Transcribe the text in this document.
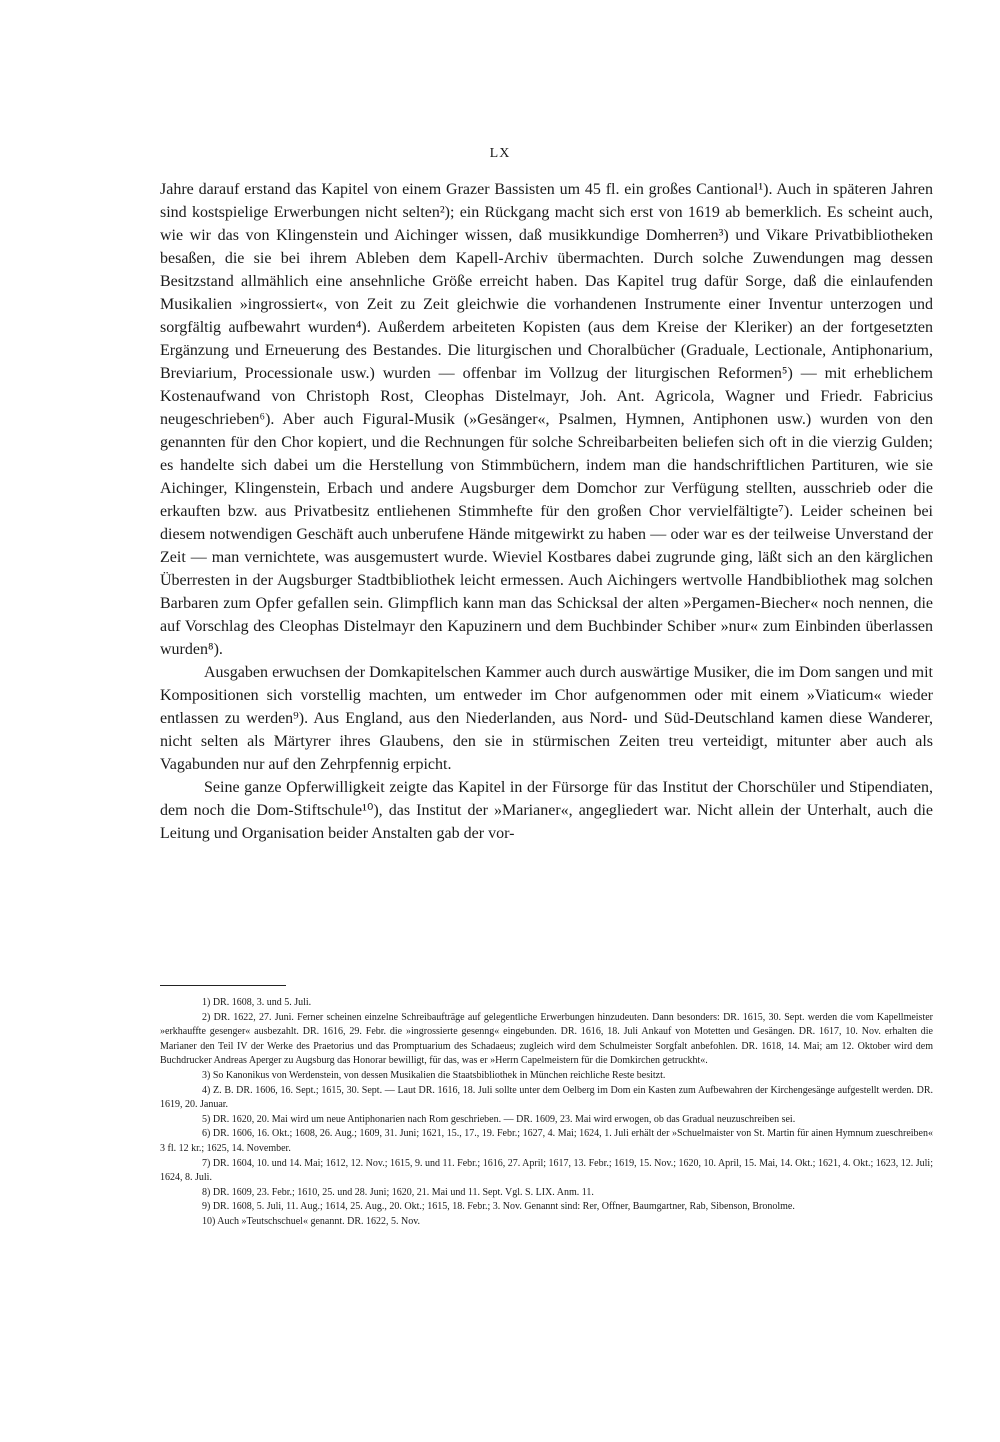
LX

Jahre darauf erstand das Kapitel von einem Grazer Bassisten um 45 fl. ein großes Cantional¹). Auch in späteren Jahren sind kostspielige Erwerbungen nicht selten²); ein Rückgang macht sich erst von 1619 ab bemerklich. Es scheint auch, wie wir das von Klingenstein und Aichinger wissen, daß musikkundige Domherren³) und Vikare Privatbibliotheken besaßen, die sie bei ihrem Ableben dem Kapell-Archiv übermachten. Durch solche Zuwendungen mag dessen Besitzstand allmählich eine ansehnliche Größe erreicht haben. Das Kapitel trug dafür Sorge, daß die einlaufenden Musikalien »ingrossiert«, von Zeit zu Zeit gleichwie die vorhandenen Instrumente einer Inventur unterzogen und sorgfältig aufbewahrt wurden⁴). Außerdem arbeiteten Kopisten (aus dem Kreise der Kleriker) an der fortgesetzten Ergänzung und Erneuerung des Bestandes. Die liturgischen und Choralbücher (Graduale, Lectionale, Antiphonarium, Breviarium, Processionale usw.) wurden — offenbar im Vollzug der liturgischen Reformen⁵) — mit erheblichem Kostenaufwand von Christoph Rost, Cleophas Distelmayr, Joh. Ant. Agricola, Wagner und Friedr. Fabricius neugeschrieben⁶). Aber auch Figural-Musik (»Gesänger«, Psalmen, Hymnen, Antiphonen usw.) wurden von den genannten für den Chor kopiert, und die Rechnungen für solche Schreibarbeiten beliefen sich oft in die vierzig Gulden; es handelte sich dabei um die Herstellung von Stimmbüchern, indem man die handschriftlichen Partituren, wie sie Aichinger, Klingenstein, Erbach und andere Augsburger dem Domchor zur Verfügung stellten, ausschrieb oder die erkauften bzw. aus Privatbesitz entliehenen Stimmhefte für den großen Chor vervielfältigte⁷). Leider scheinen bei diesem notwendigen Geschäft auch unberufene Hände mitgewirkt zu haben — oder war es der teilweise Unverstand der Zeit — man vernichtete, was ausgemustert wurde. Wieviel Kostbares dabei zugrunde ging, läßt sich an den kärglichen Überresten in der Augsburger Stadtbibliothek leicht ermessen. Auch Aichingers wertvolle Handbibliothek mag solchen Barbaren zum Opfer gefallen sein. Glimpflich kann man das Schicksal der alten »Pergamen-Biecher« noch nennen, die auf Vorschlag des Cleophas Distelmayr den Kapuzinern und dem Buchbinder Schiber »nur« zum Einbinden überlassen wurden⁸).

Ausgaben erwuchsen der Domkapitelschen Kammer auch durch auswärtige Musiker, die im Dom sangen und mit Kompositionen sich vorstellig machten, um entweder im Chor aufgenommen oder mit einem »Viaticum« wieder entlassen zu werden⁹). Aus England, aus den Niederlanden, aus Nord- und Süd-Deutschland kamen diese Wanderer, nicht selten als Märtyrer ihres Glaubens, den sie in stürmischen Zeiten treu verteidigt, mitunter aber auch als Vagabunden nur auf den Zehrpfennig erpicht.

Seine ganze Opferwilligkeit zeigte das Kapitel in der Fürsorge für das Institut der Chorschüler und Stipendiaten, dem noch die Dom-Stiftschule¹⁰), das Institut der »Marianer«, angegliedert war. Nicht allein der Unterhalt, auch die Leitung und Organisation beider Anstalten gab der vor-

1) DR. 1608, 3. und 5. Juli.

2) DR. 1622, 27. Juni. Ferner scheinen einzelne Schreibaufträge auf gelegentliche Erwerbungen hinzudeuten. Dann besonders: DR. 1615, 30. Sept. werden die vom Kapellmeister »erkhauffte gesenger« ausbezahlt. DR. 1616, 29. Febr. die »ingrossierte gesenng« eingebunden. DR. 1616, 18. Juli Ankauf von Motetten und Gesängen. DR. 1617, 10. Nov. erhalten die Marianer den Teil IV der Werke des Praetorius und das Promptuarium des Schadaeus; zugleich wird dem Schulmeister Sorgfalt anbefohlen. DR. 1618, 14. Mai; am 12. Oktober wird dem Buchdrucker Andreas Aperger zu Augsburg das Honorar bewilligt, für das, was er »Herrn Capelmeistern für die Domkirchen getruckht«.

3) So Kanonikus von Werdenstein, von dessen Musikalien die Staatsbibliothek in München reichliche Reste besitzt.

4) Z. B. DR. 1606, 16. Sept.; 1615, 30. Sept. — Laut DR. 1616, 18. Juli sollte unter dem Oelberg im Dom ein Kasten zum Aufbewahren der Kirchengesänge aufgestellt werden. DR. 1619, 20. Januar.

5) DR. 1620, 20. Mai wird um neue Antiphonarien nach Rom geschrieben. — DR. 1609, 23. Mai wird erwogen, ob das Gradual neuzuschreiben sei.

6) DR. 1606, 16. Okt.; 1608, 26. Aug.; 1609, 31. Juni; 1621, 15., 17., 19. Febr.; 1627, 4. Mai; 1624, 1. Juli erhält der »Schuelmaister von St. Martin für ainen Hymnum zueschreiben« 3 fl. 12 kr.; 1625, 14. November.

7) DR. 1604, 10. und 14. Mai; 1612, 12. Nov.; 1615, 9. und 11. Febr.; 1616, 27. April; 1617, 13. Febr.; 1619, 15. Nov.; 1620, 10. April, 15. Mai, 14. Okt.; 1621, 4. Okt.; 1623, 12. Juli; 1624, 8. Juli.

8) DR. 1609, 23. Febr.; 1610, 25. und 28. Juni; 1620, 21. Mai und 11. Sept. Vgl. S. LIX. Anm. 11.

9) DR. 1608, 5. Juli, 11. Aug.; 1614, 25. Aug., 20. Okt.; 1615, 18. Febr.; 3. Nov. Genannt sind: Rer, Offner, Baumgartner, Rab, Sibenson, Bronolme.

10) Auch »Teutschschuel« genannt. DR. 1622, 5. Nov.
